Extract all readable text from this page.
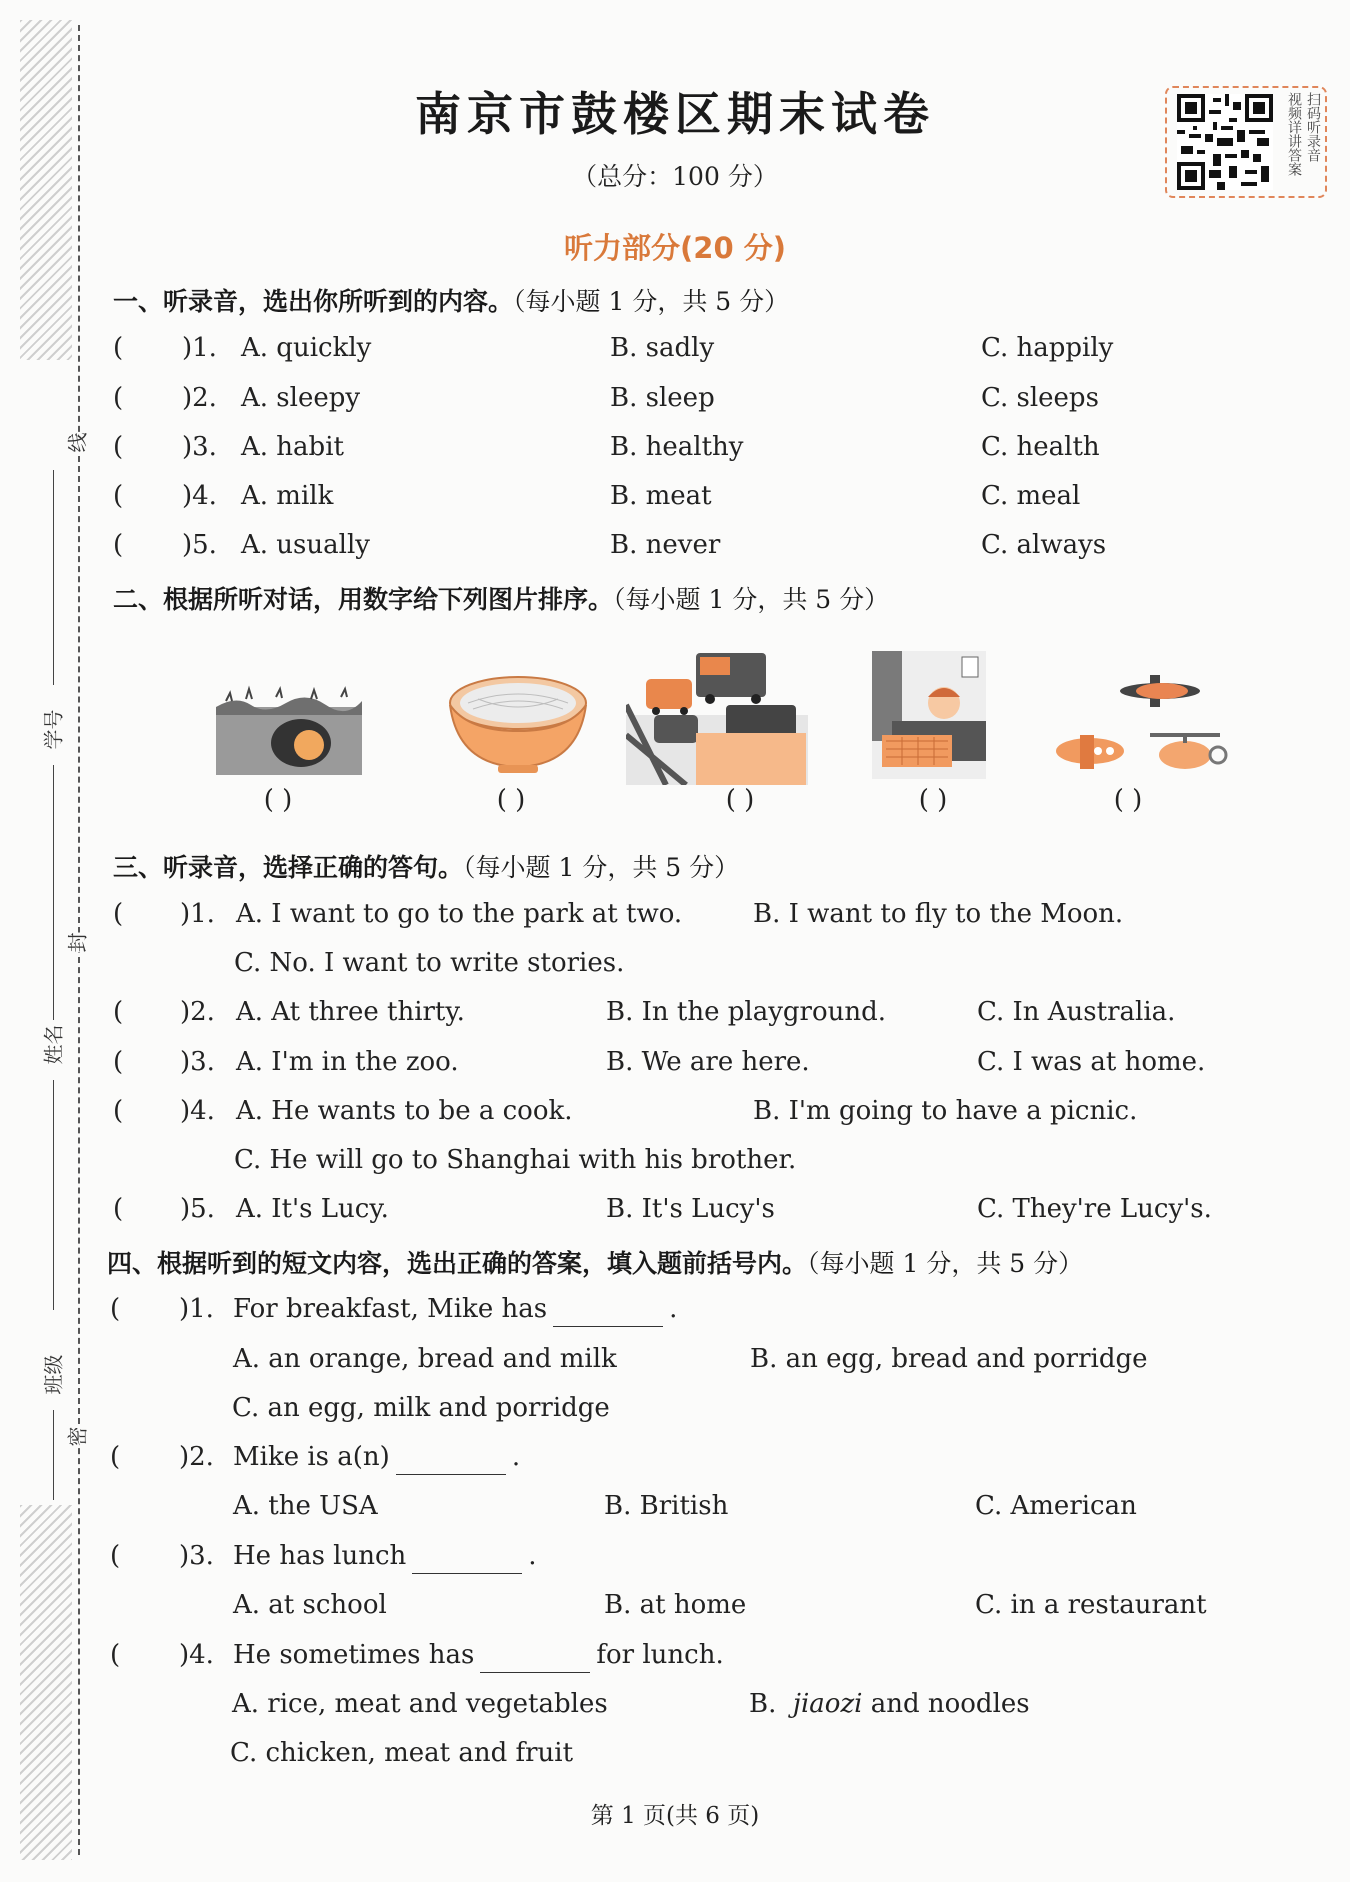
线
封
密
学号
姓名
班级
南京市鼓楼区期末试卷
（总分：100 分）
听力部分(20 分)
扫码听录音
视频详讲答案
一、听录音，选出你所听到的内容。（每小题 1 分，共 5 分）
( )1. A. quickly	B. sadly	C. happily
( )2. A. sleepy	B. sleep	C. sleeps
( )3. A. habit	B. healthy	C. health
( )4. A. milk	B. meat	C. meal
( )5. A. usually	B. never	C. always
二、根据所听对话，用数字给下列图片排序。（每小题 1 分，共 5 分）
( )	( )	( )	( )	( )
三、听录音，选择正确的答句。（每小题 1 分，共 5 分）
( )1. A. I want to go to the park at two.	B. I want to fly to the Moon.
C. No. I want to write stories.
( )2. A. At three thirty.	B. In the playground.	C. In Australia.
( )3. A. I'm in the zoo.	B. We are here.	C. I was at home.
( )4. A. He wants to be a cook.	B. I'm going to have a picnic.
C. He will go to Shanghai with his brother.
( )5. A. It's Lucy.	B. It's Lucy's	C. They're Lucy's.
四、根据听到的短文内容，选出正确的答案，填入题前括号内。（每小题 1 分，共 5 分）
( )1. For breakfast, Mike has	.
A. an orange, bread and milk	B. an egg, bread and porridge
C. an egg, milk and porridge
( )2. Mike is a(n)	.
A. the USA	B. British	C. American
( )3. He has lunch	.
A. at school	B. at home	C. in a restaurant
( )4. He sometimes has	for lunch.
A. rice, meat and vegetables	B. jiaozi and noodles
C. chicken, meat and fruit
第 1 页(共 6 页)
